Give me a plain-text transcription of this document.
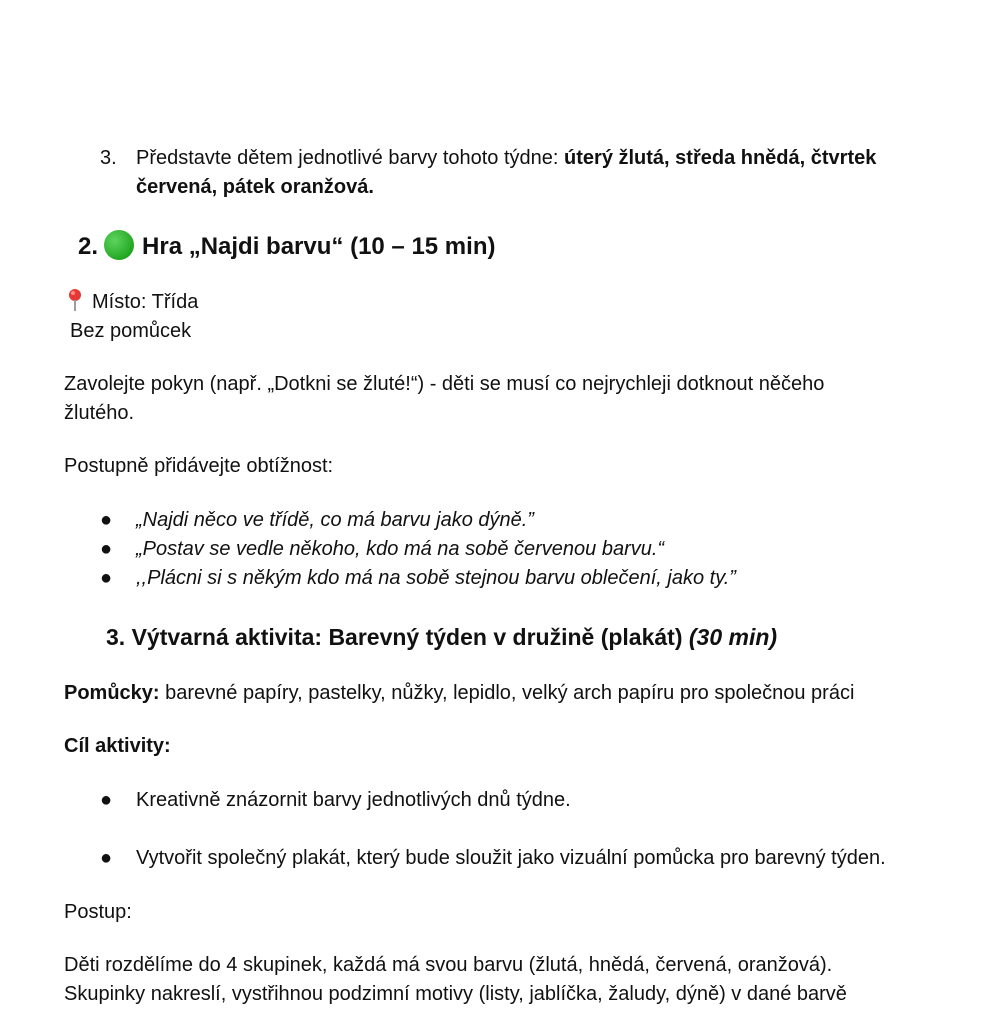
3. Představte dětem jednotlivé barvy tohoto týdne: úterý žlutá, středa hnědá, čtvrtek
červená, pátek oranžová.
2. Hra „Najdi barvu“ (10 – 15 min)
Místo: Třída
Bez pomůcek
Zavolejte pokyn (např. „Dotkni se žluté!“) - děti se musí co nejrychleji dotknout něčeho
žlutého.
Postupně přidávejte obtížnost:
● „Najdi něco ve třídě, co má barvu jako dýně.”
● „Postav se vedle někoho, kdo má na sobě červenou barvu.“
● ,,Plácni si s někým kdo má na sobě stejnou barvu oblečení, jako ty.”
3. Výtvarná aktivita: Barevný týden v družině (plakát) (30 min)
Pomůcky: barevné papíry, pastelky, nůžky, lepidlo, velký arch papíru pro společnou práci
Cíl aktivity:
● Kreativně znázornit barvy jednotlivých dnů týdne.
● Vytvořit společný plakát, který bude sloužit jako vizuální pomůcka pro barevný týden.
Postup:
Děti rozdělíme do 4 skupinek, každá má svou barvu (žlutá, hnědá, červená, oranžová).
Skupinky nakreslí, vystřihnou podzimní motivy (listy, jablíčka, žaludy, dýně) v dané barvě
